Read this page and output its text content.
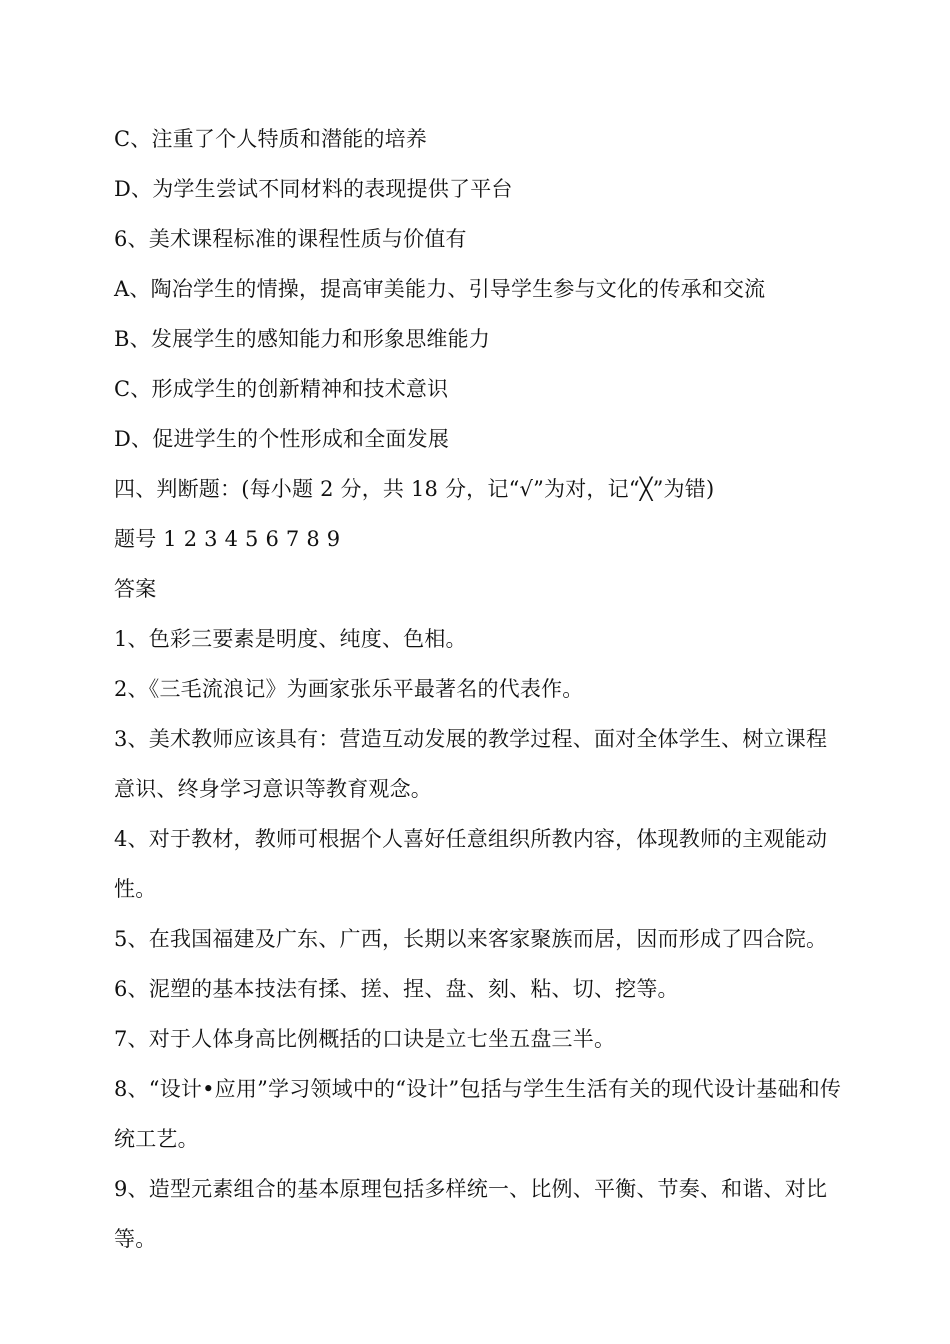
C、注重了个人特质和潜能的培养
D、为学生尝试不同材料的表现提供了平台
6、美术课程标准的课程性质与价值有
A、陶冶学生的情操，提高审美能力、引导学生参与文化的传承和交流
B、发展学生的感知能力和形象思维能力
C、形成学生的创新精神和技术意识
D、促进学生的个性形成和全面发展
四、判断题：(每小题 2 分，共 18 分，记“√”为对，记“╳”为错)
题号 1 2 3 4 5 6 7 8 9
答案
1、色彩三要素是明度、纯度、色相。
2、《三毛流浪记》为画家张乐平最著名的代表作。
3、美术教师应该具有：营造互动发展的教学过程、面对全体学生、树立课程
意识、终身学习意识等教育观念。
4、对于教材，教师可根据个人喜好任意组织所教内容，体现教师的主观能动
性。
5、在我国福建及广东、广西，长期以来客家聚族而居，因而形成了四合院。
6、泥塑的基本技法有揉、搓、捏、盘、刻、粘、切、挖等。
7、对于人体身高比例概括的口诀是立七坐五盘三半。
8、“设计•应用”学习领域中的“设计”包括与学生生活有关的现代设计基础和传
统工艺。
9、造型元素组合的基本原理包括多样统一、比例、平衡、节奏、和谐、对比
等。
